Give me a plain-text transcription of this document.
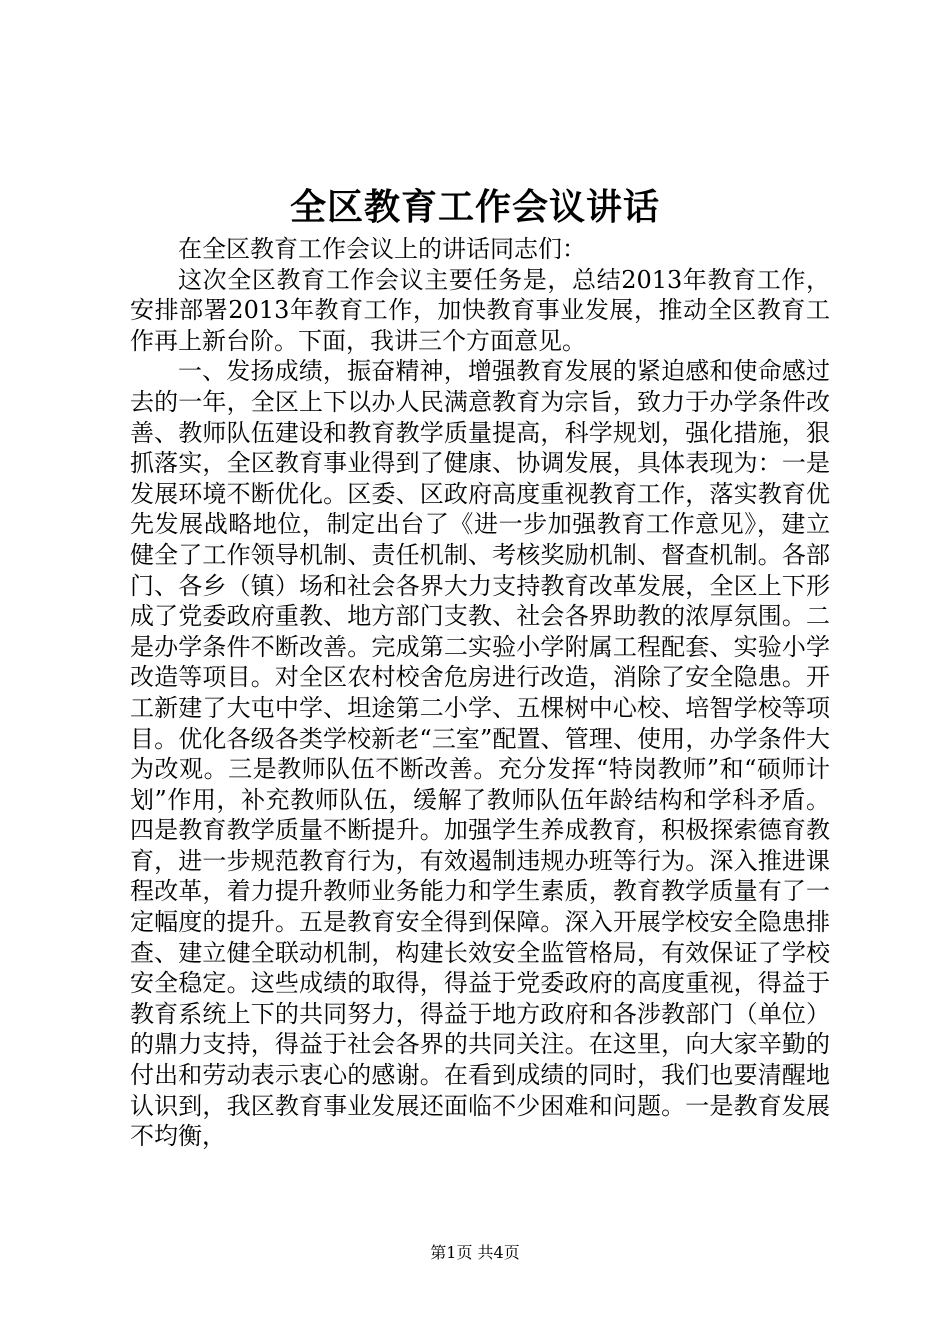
全区教育工作会议讲话

在全区教育工作会议上的讲话同志们：

这次全区教育工作会议主要任务是，总结2013年教育工作，安排部署2013年教育工作，加快教育事业发展，推动全区教育工作再上新台阶。下面，我讲三个方面意见。

一、发扬成绩，振奋精神，增强教育发展的紧迫感和使命感过去的一年，全区上下以办人民满意教育为宗旨，致力于办学条件改善、教师队伍建设和教育教学质量提高，科学规划，强化措施，狠抓落实，全区教育事业得到了健康、协调发展，具体表现为：一是发展环境不断优化。区委、区政府高度重视教育工作，落实教育优先发展战略地位，制定出台了《进一步加强教育工作意见》，建立健全了工作领导机制、责任机制、考核奖励机制、督查机制。各部门、各乡（镇）场和社会各界大力支持教育改革发展，全区上下形成了党委政府重教、地方部门支教、社会各界助教的浓厚氛围。二是办学条件不断改善。完成第二实验小学附属工程配套、实验小学改造等项目。对全区农村校舍危房进行改造，消除了安全隐患。开工新建了大屯中学、坦途第二小学、五棵树中心校、培智学校等项目。优化各级各类学校新老“三室”配置、管理、使用，办学条件大为改观。三是教师队伍不断改善。充分发挥“特岗教师”和“硕师计划”作用，补充教师队伍，缓解了教师队伍年龄结构和学科矛盾。四是教育教学质量不断提升。加强学生养成教育，积极探索德育教育，进一步规范教育行为，有效遏制违规办班等行为。深入推进课程改革，着力提升教师业务能力和学生素质，教育教学质量有了一定幅度的提升。五是教育安全得到保障。深入开展学校安全隐患排查、建立健全联动机制，构建长效安全监管格局，有效保证了学校安全稳定。这些成绩的取得，得益于党委政府的高度重视，得益于教育系统上下的共同努力，得益于地方政府和各涉教部门（单位）的鼎力支持，得益于社会各界的共同关注。在这里，向大家辛勤的付出和劳动表示衷心的感谢。在看到成绩的同时，我们也要清醒地认识到，我区教育事业发展还面临不少困难和问题。一是教育发展不均衡，

第1页 共4页
